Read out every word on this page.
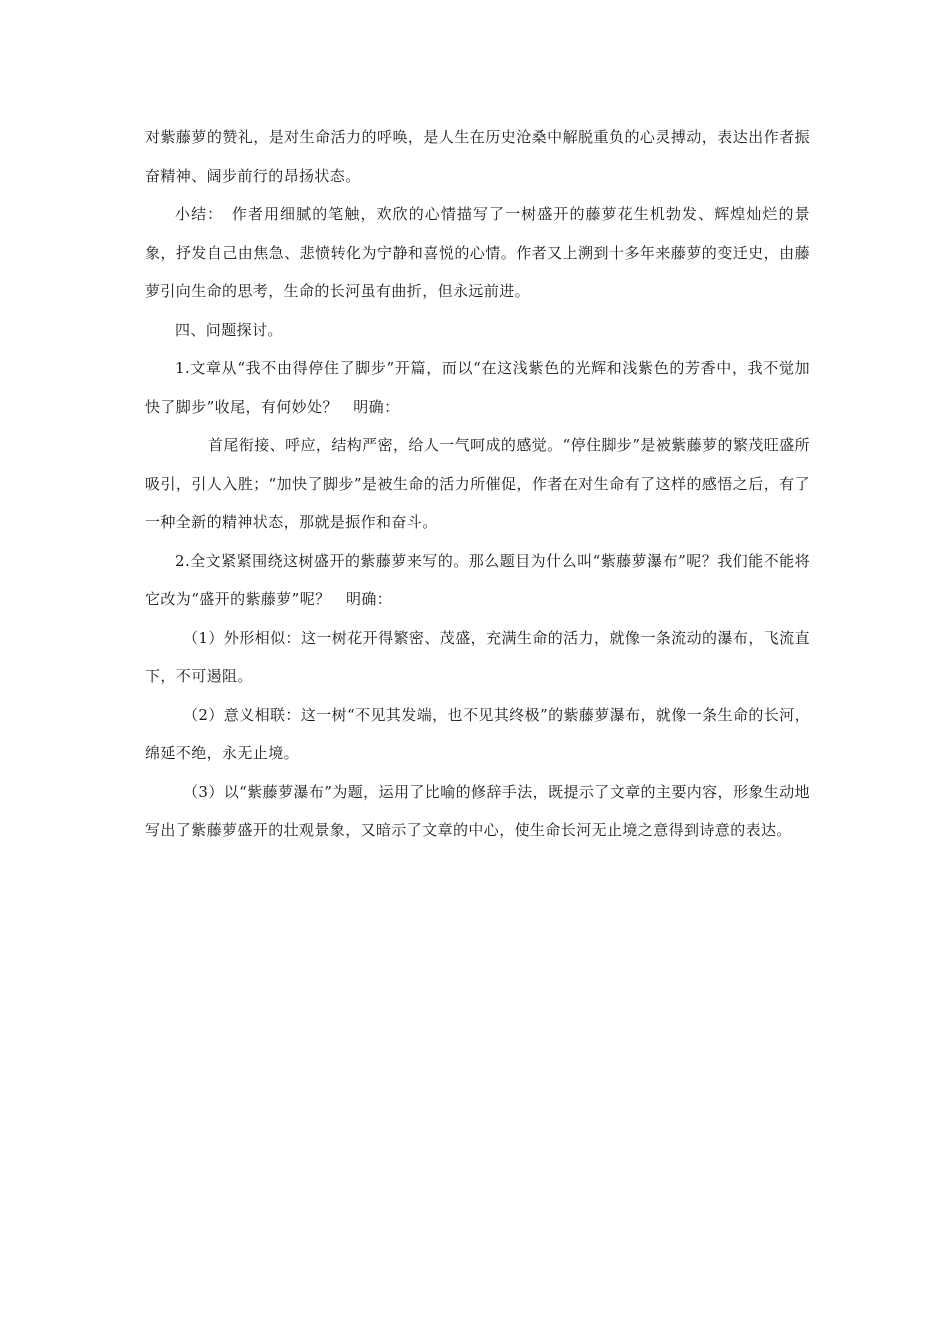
对紫藤萝的赞礼，是对生命活力的呼唤，是人生在历史沧桑中解脱重负的心灵搏动，表达出作者振奋精神、阔步前行的昂扬状态。

小结：　作者用细腻的笔触，欢欣的心情描写了一树盛开的藤萝花生机勃发、辉煌灿烂的景象，抒发自己由焦急、悲愤转化为宁静和喜悦的心情。作者又上溯到十多年来藤萝的变迁史，由藤萝引向生命的思考，生命的长河虽有曲折，但永远前进。

四、问题探讨。

1.文章从“我不由得停住了脚步”开篇，而以“在这浅紫色的光辉和浅紫色的芳香中，我不觉加快了脚步”收尾，有何妙处？　明确：

首尾衔接、呼应，结构严密，给人一气呵成的感觉。“停住脚步”是被紫藤萝的繁茂旺盛所吸引，引人入胜；“加快了脚步”是被生命的活力所催促，作者在对生命有了这样的感悟之后，有了一种全新的精神状态，那就是振作和奋斗。

2.全文紧紧围绕这树盛开的紫藤萝来写的。那么题目为什么叫“紫藤萝瀑布”呢？我们能不能将它改为“盛开的紫藤萝”呢？　明确：

（1）外形相似：这一树花开得繁密、茂盛，充满生命的活力，就像一条流动的瀑布，飞流直下，不可遏阻。

（2）意义相联：这一树“不见其发端，也不见其终极”的紫藤萝瀑布，就像一条生命的长河，绵延不绝，永无止境。

（3）以“紫藤萝瀑布”为题，运用了比喻的修辞手法，既提示了文章的主要内容，形象生动地写出了紫藤萝盛开的壮观景象，又暗示了文章的中心，使生命长河无止境之意得到诗意的表达。
